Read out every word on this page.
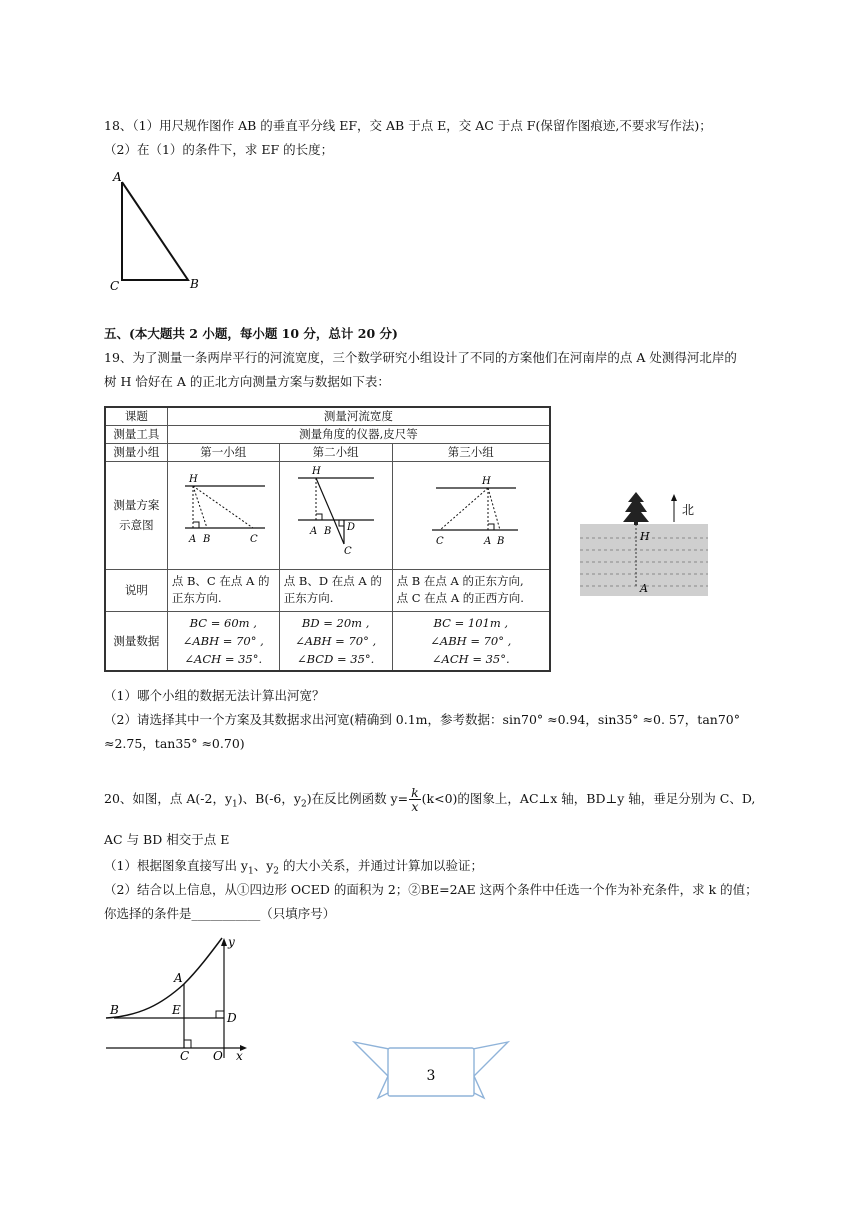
18、（1）用尺规作图作 AB 的垂直平分线 EF，交 AB 于点 E，交 AC 于点 F(保留作图痕迹,不要求写作法)；
（2）在（1）的条件下，求 EF 的长度；
A
C	B
五、(本大题共 2 小题，每小题 10 分，总计 20 分)
19、为了测量一条两岸平行的河流宽度，三个数学研究小组设计了不同的方案他们在河南岸的点 A 处测得河北岸的
树 H 恰好在 A 的正北方向测量方案与数据如下表：
课题	测量河流宽度		
测量工具	测量角度的仪器,皮尺等		
测量小组	第一小组	第二小组	第三小组
测量方案
示意图	H
A B C	H
A B D
C	H
C A B

说明	点 B、C 在点 A 的
正东方向.	点 B、D 在点 A 的
正东方向.	点 B 在点 A 的正东方向,
点 C 在点 A 的正西方向.
测量数据	BC = 60m ,
∠ABH = 70° ,
∠ACH = 35°.	BD = 20m ,
∠ABH = 70° ,
∠BCD = 35°.	BC = 101m ,
∠ABH = 70° ,
∠ACH = 35°.
北
H
A
（1）哪个小组的数据无法计算出河宽？
（2）请选择其中一个方案及其数据求出河宽(精确到 0.1m，参考数据：sin70° ≈0.94，sin35° ≈0. 57，tan70°
≈2.75，tan35° ≈0.70)
20、如图，点 A(-2，$y_1$)、B(-6，$y_2$)在反比例函数 $y= \frac{k}{x} (k<0)$的图象上，AC⊥x 轴，BD⊥y 轴，垂足分别为 C、D,
AC 与 BD 相交于点 E
（1）根据图象直接写出 $y_1$、$y_2$ 的大小关系，并通过计算加以验证；
（2）结合以上信息，从①四边形 OCED 的面积为 2；②BE=2AE 这两个条件中任选一个作为补充条件，求 k 的值；
你选择的条件是___________（只填序号）
A
B	E
D
C O x
y
3
